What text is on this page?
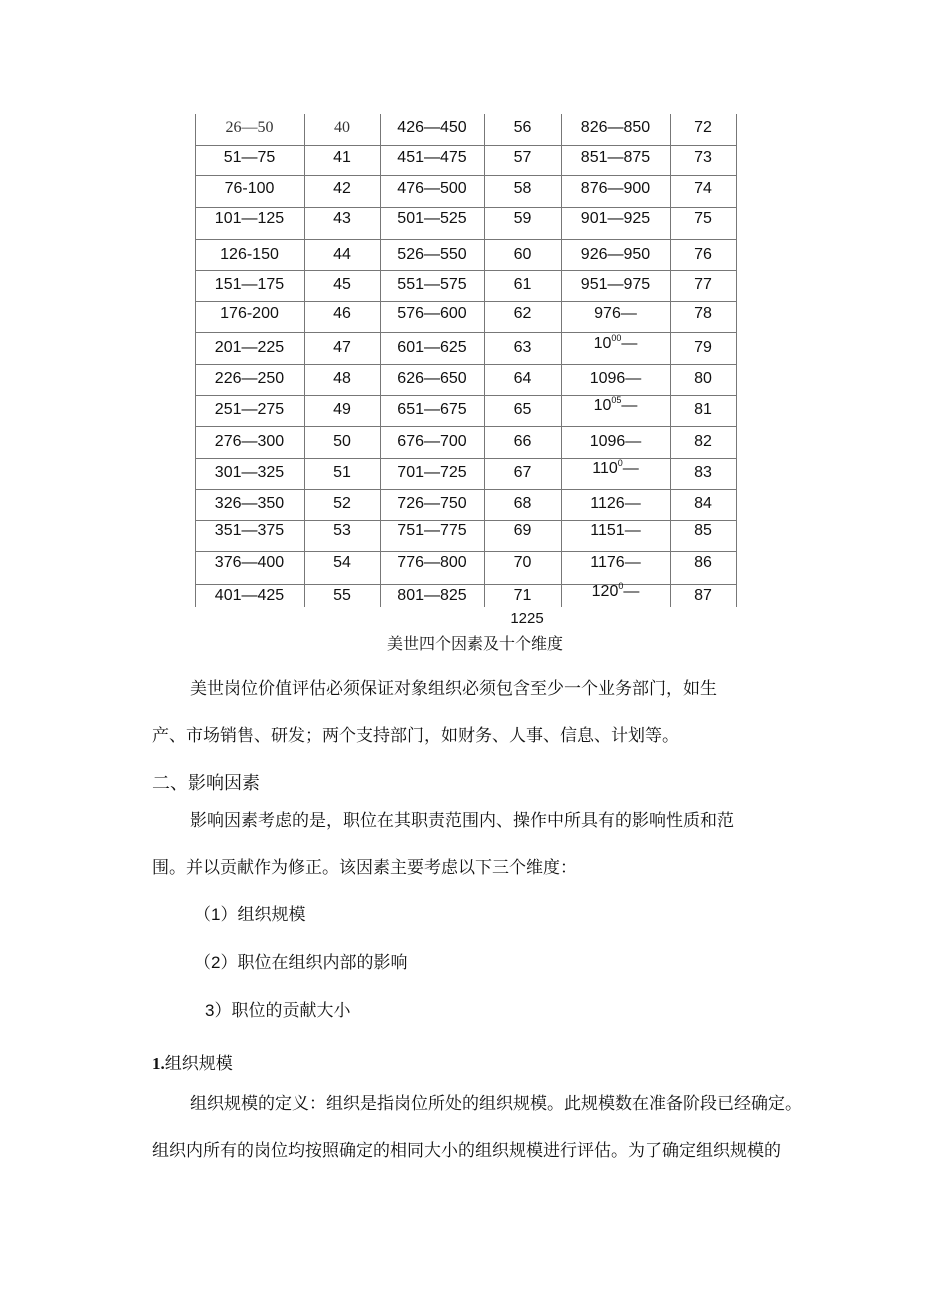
26—50	40	426—450	56	826—850	72
51—75	41	451—475	57	851—875	73
76-100	42	476—500	58	876—900	74
101—125	43	501—525	59	901—925	75
126-150	44	526—550	60	926—950	76
151—175	45	551—575	61	951—975	77
176-200	46	576—600	62	976—	78
201—225	47	601—625	63	$10^{00}—$	79
226—250	48	626—650	64	1096—	80
251—275	49	651—675	65	$10^{05}—$	81
276—300	50	676—700	66	1096—	82
301—325	51	701—725	67	$110^0—$	83
326—350	52	726—750	68	1126—	84
351—375	53	751—775	69	1151—	85
376—400	54	776—800	70	1176—	86
401—425	55	801—825	71	$120^0—$	87
1225
美世四个因素及十个维度
美世岗位价值评估必须保证对象组织必须包含至少一个业务部门，如生
产、市场销售、研发；两个支持部门，如财务、人事、信息、计划等。
二、影响因素
影响因素考虑的是，职位在其职责范围内、操作中所具有的影响性质和范
围。并以贡献作为修正。该因素主要考虑以下三个维度：
（1）组织规模
（2）职位在组织内部的影响
3）职位的贡献大小
1.组织规模
组织规模的定义：组织是指岗位所处的组织规模。此规模数在准备阶段已经确定。
组织内所有的岗位均按照确定的相同大小的组织规模进行评估。为了确定组织规模的
